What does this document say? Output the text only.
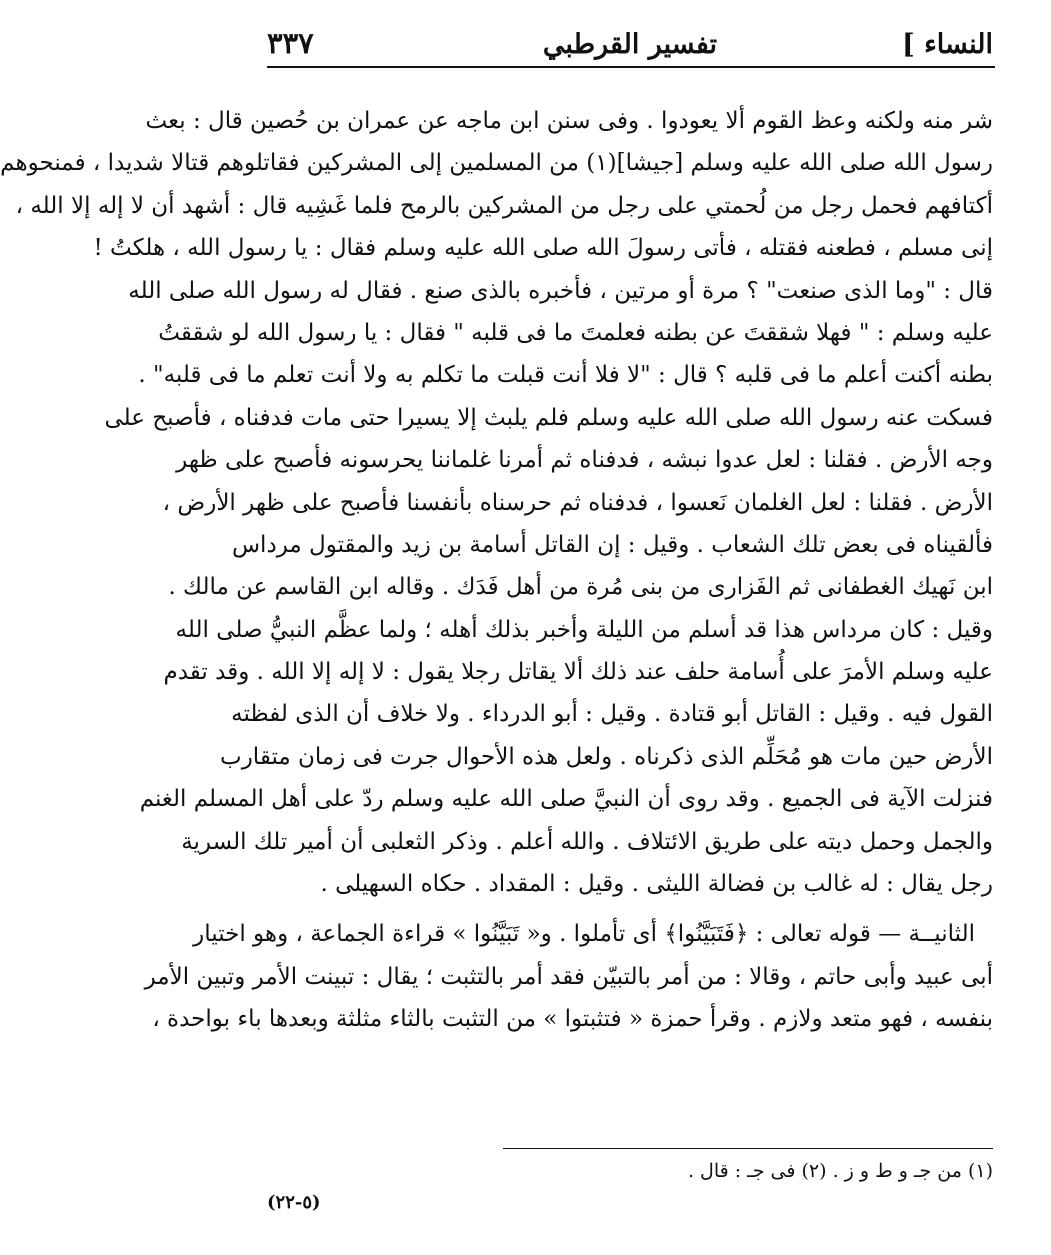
النساء ]
تفسير القرطبي
٣٣٧
شر منه ولكنه وعظ القوم ألا يعودوا . وفى سنن ابن ماجه عن عمران بن حُصين قال : بعث
رسول الله صلى الله عليه وسلم [جيشا](١) من المسلمين إلى المشركين فقاتلوهم قتالا شديدا ، فمنحوهم
أكتافهم فحمل رجل من لُحمتي على رجل من المشركين بالرمح فلما غَشِيه قال : أشهد أن لا إله إلا الله ،
إنى مسلم ، فطعنه فقتله ، فأتى رسولَ الله صلى الله عليه وسلم فقال : يا رسول الله ، هلكتُ !
قال : "وما الذى صنعت" ؟ مرة أو مرتين ، فأخبره بالذى صنع . فقال له رسول الله صلى الله
عليه وسلم : " فهلا شققتَ عن بطنه فعلمتَ ما فى قلبه " فقال : يا رسول الله لو شققتُ
بطنه أكنت أعلم ما فى قلبه ؟ قال : "لا فلا أنت قبلت ما تكلم به ولا أنت تعلم ما فى قلبه" .
فسكت عنه رسول الله صلى الله عليه وسلم فلم يلبث إلا يسيرا حتى مات فدفناه ، فأصبح على
وجه الأرض . فقلنا : لعل عدوا نبشه ، فدفناه ثم أمرنا غلماننا يحرسونه فأصبح على ظهر
الأرض . فقلنا : لعل الغلمان نَعسوا ، فدفناه ثم حرسناه بأنفسنا فأصبح على ظهر الأرض ،
فألقيناه فى بعض تلك الشعاب . وقيل : إن القاتل أسامة بن زيد والمقتول مرداس
ابن نَهيك الغطفانى ثم الفَزارى من بنى مُرة من أهل فَدَك . وقاله ابن القاسم عن مالك .
وقيل : كان مرداس هذا قد أسلم من الليلة وأخبر بذلك أهله ؛ ولما عظَّم النبيُّ صلى الله
عليه وسلم الأمرَ على أُسامة حلف عند ذلك ألا يقاتل رجلا يقول : لا إله إلا الله . وقد تقدم
القول فيه . وقيل : القاتل أبو قتادة . وقيل : أبو الدرداء . ولا خلاف أن الذى لفظته
الأرض حين مات هو مُحَلِّم الذى ذكرناه . ولعل هذه الأحوال جرت فى زمان متقارب
فنزلت الآية فى الجميع . وقد روى أن النبيَّ صلى الله عليه وسلم ردّ على أهل المسلم الغنم
والجمل وحمل ديته على طريق الائتلاف . والله أعلم . وذكر الثعلبى أن أمير تلك السرية
رجل يقال : له غالب بن فضالة الليثى . وقيل : المقداد . حكاه السهيلى .
الثانيــة — قوله تعالى : ﴿فَتَبَيَّنُوا﴾ أى تأملوا . و« تَبَيَّنُوا » قراءة الجماعة ، وهو اختيار
أبى عبيد وأبى حاتم ، وقالا : من أمر بالتبيّن فقد أمر بالتثبت ؛ يقال : تبينت الأمر وتبين الأمر
بنفسه ، فهو متعد ولازم . وقرأ حمزة « فتثبتوا » من التثبت بالثاء مثلثة وبعدها باء بواحدة ،
(١) من جـ و ط و ز . (٢) فى جـ : قال .
(٥-٢٢)
